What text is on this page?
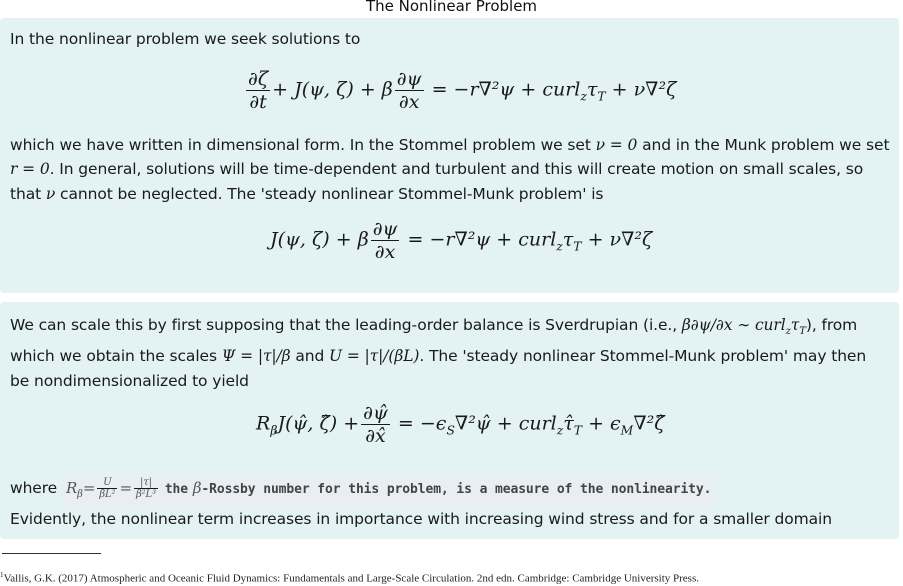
The Nonlinear Problem
In the nonlinear problem we seek solutions to
$\frac{\partial\zeta}{\partial t} + J(\psi$, ζ) + β $\frac{\partial\psi}{\partial x} = -r\nabla^2\psi$ + $curl_z\tau_T + \nu\nabla^2\zeta$
which we have written in dimensional form. In the Stommel problem we set ν = 0 and in the Munk problem we set
r = 0. In general, solutions will be time-dependent and turbulent and this will create motion on small scales, so that ν cannot be neglected. The 'steady nonlinear Stommel-Munk problem' is
J(ψ, ζ) + β $\frac{\partial\psi}{\partial x} = -r\nabla^2\psi$ + $curl_z\tau_T + \nu\nabla^2\zeta$
We can scale this by first supposing that the leading-order balance is Sverdrupian (i.e., β∂ψ/∂x ∼ $curl_z\tau_T$), from which we obtain the scales Ψ = |τ|/β and U = |τ|/(βL). The 'steady nonlinear Stommel-Munk problem' may then be nondimensionalized to yield
$R_\beta J(\psî$, ζ̂) + $\frac{\partial\psî}{\partial x̂}$ = $-\epsilon_S\nabla^2\psî$ + $curl_z\taû_T$ + $\epsilon_M\nabla^2\zetâ$
where $R_\beta= \frac{U}{\text{βL²}} = \frac{|\tau|}{\text{β²L³}}$ the β-Rossby number for this problem, is a measure of the nonlinearity.
Evidently, the nonlinear term increases in importance with increasing wind stress and for a smaller domain
$^1$Vallis, G.K. (2017) Atmospheric and Oceanic Fluid Dynamics: Fundamentals and Large-Scale Circulation. 2nd edn. Cambridge: Cambridge University Press.
